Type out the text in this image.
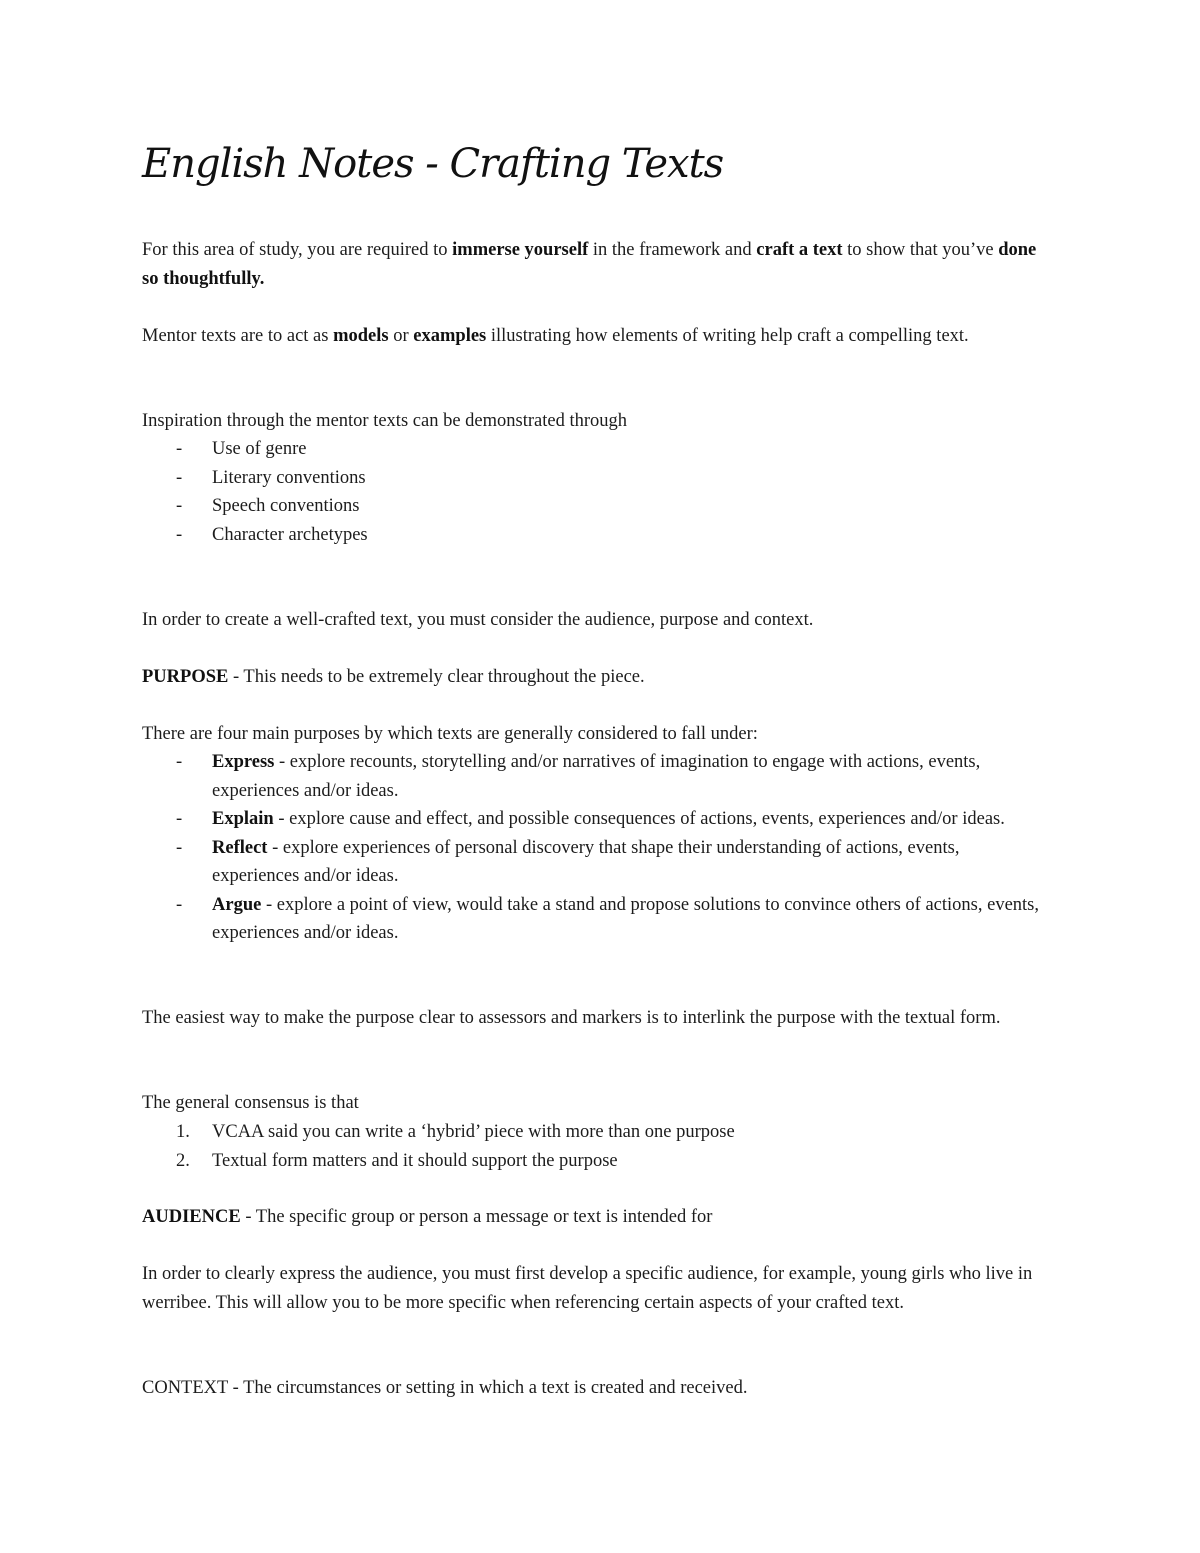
English Notes - Crafting Texts

For this area of study, you are required to immerse yourself in the framework and craft a text to show that you’ve done so thoughtfully.

Mentor texts are to act as models or examples illustrating how elements of writing help craft a compelling text.

Inspiration through the mentor texts can be demonstrated through

- Use of genre
- Literary conventions
- Speech conventions
- Character archetypes

In order to create a well-crafted text, you must consider the audience, purpose and context.

PURPOSE - This needs to be extremely clear throughout the piece.

There are four main purposes by which texts are generally considered to fall under:

- Express - explore recounts, storytelling and/or narratives of imagination to engage with actions, events, experiences and/or ideas.
- Explain - explore cause and effect, and possible consequences of actions, events, experiences and/or ideas.
- Reflect - explore experiences of personal discovery that shape their understanding of actions, events, experiences and/or ideas.
- Argue - explore a point of view, would take a stand and propose solutions to convince others of actions, events, experiences and/or ideas.

The easiest way to make the purpose clear to assessors and markers is to interlink the purpose with the textual form.

The general consensus is that

1. VCAA said you can write a ‘hybrid’ piece with more than one purpose
2. Textual form matters and it should support the purpose

AUDIENCE - The specific group or person a message or text is intended for

In order to clearly express the audience, you must first develop a specific audience, for example, young girls who live in werribee. This will allow you to be more specific when referencing certain aspects of your crafted text.

CONTEXT - The circumstances or setting in which a text is created and received.
